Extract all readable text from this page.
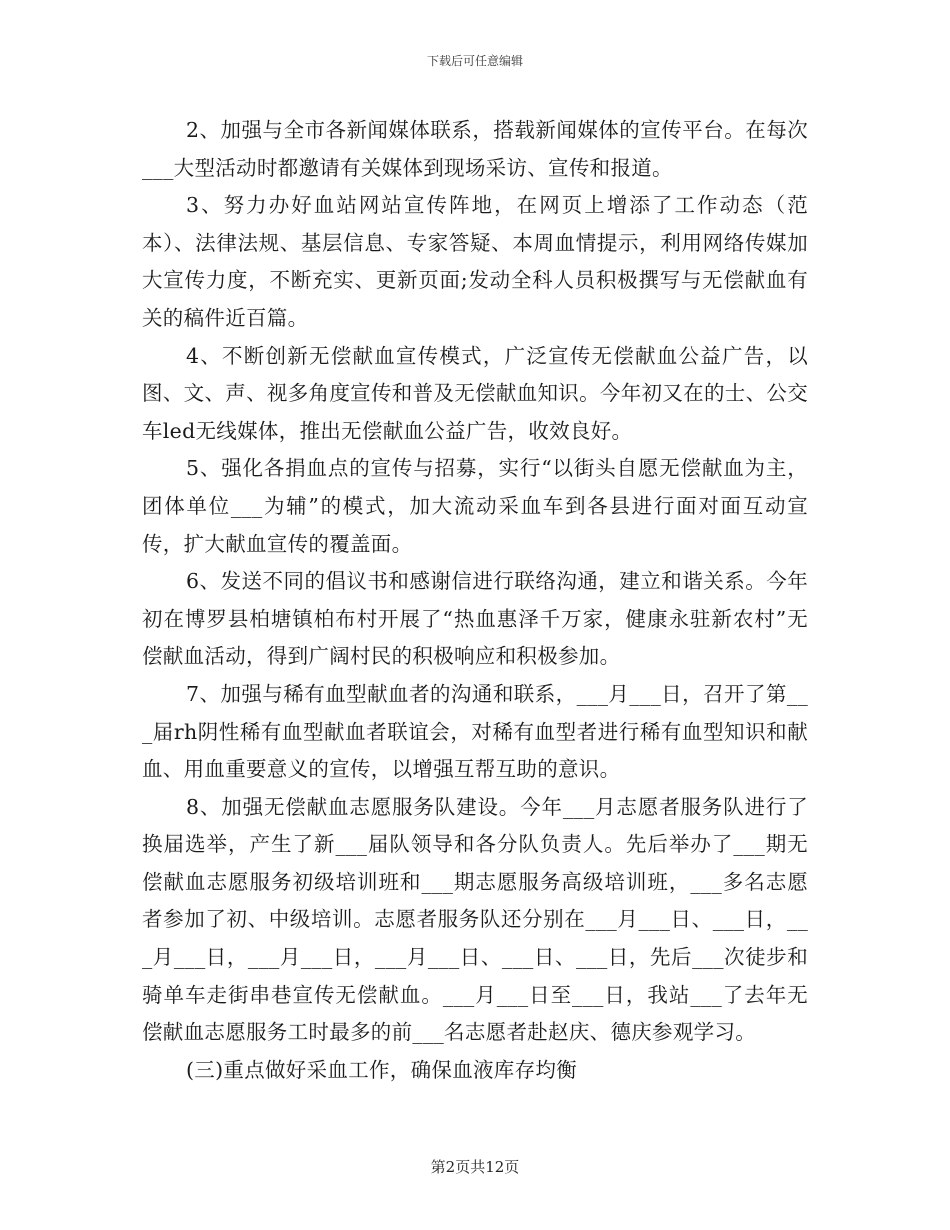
下载后可任意编辑

2、加强与全市各新闻媒体联系，搭载新闻媒体的宣传平台。在每次___大型活动时都邀请有关媒体到现场采访、宣传和报道。

3、努力办好血站网站宣传阵地，在网页上增添了工作动态（范本）、法律法规、基层信息、专家答疑、本周血情提示，利用网络传媒加大宣传力度，不断充实、更新页面;发动全科人员积极撰写与无偿献血有关的稿件近百篇。

4、不断创新无偿献血宣传模式，广泛宣传无偿献血公益广告，以图、文、声、视多角度宣传和普及无偿献血知识。今年初又在的士、公交车led无线媒体，推出无偿献血公益广告，收效良好。

5、强化各捐血点的宣传与招募，实行“以街头自愿无偿献血为主，团体单位___为辅”的模式，加大流动采血车到各县进行面对面互动宣传，扩大献血宣传的覆盖面。

6、发送不同的倡议书和感谢信进行联络沟通，建立和谐关系。今年初在博罗县柏塘镇柏布村开展了“热血惠泽千万家，健康永驻新农村”无偿献血活动，得到广阔村民的积极响应和积极参加。

7、加强与稀有血型献血者的沟通和联系，___月___日，召开了第___届rh阴性稀有血型献血者联谊会，对稀有血型者进行稀有血型知识和献血、用血重要意义的宣传，以增强互帮互助的意识。

8、加强无偿献血志愿服务队建设。今年___月志愿者服务队进行了换届选举，产生了新___届队领导和各分队负责人。先后举办了___期无偿献血志愿服务初级培训班和___期志愿服务高级培训班，___多名志愿者参加了初、中级培训。志愿者服务队还分别在___月___日、___日，___月___日，___月___日，___月___日、___日、___日，先后___次徒步和骑单车走街串巷宣传无偿献血。___月___日至___日，我站___了去年无偿献血志愿服务工时最多的前___名志愿者赴赵庆、德庆参观学习。

(三)重点做好采血工作，确保血液库存均衡

第2页共12页
